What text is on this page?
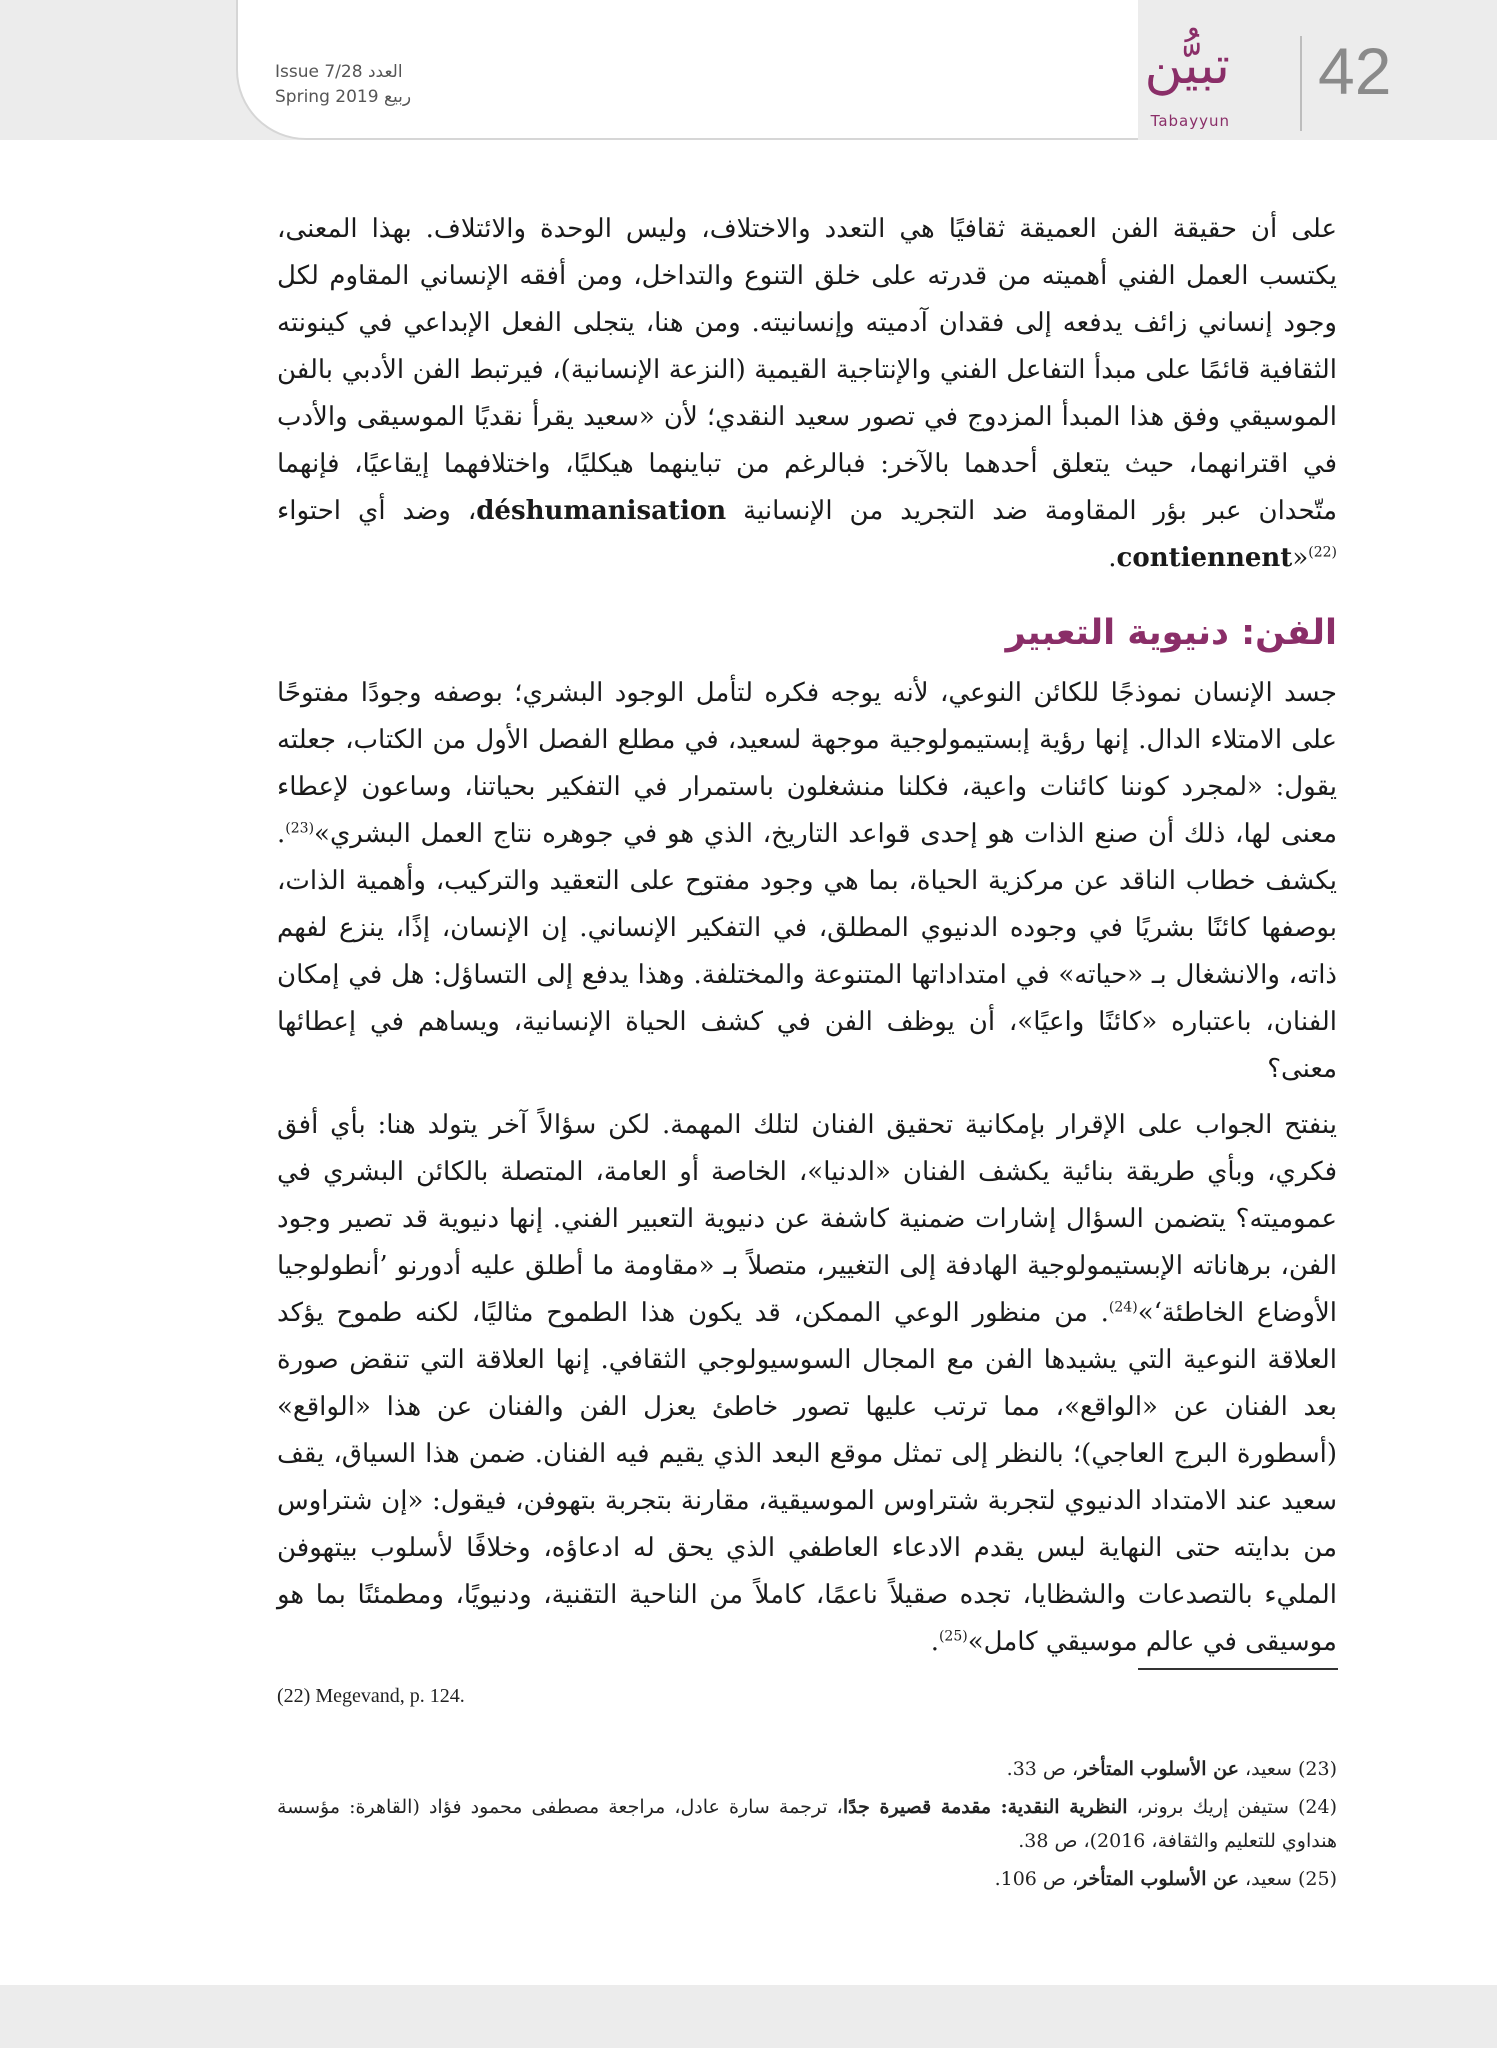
Issue 7/28 العدد
Spring 2019 ربيع
تبيُّن
Tabayyun
42

على أن حقيقة الفن العميقة ثقافيًا هي التعدد والاختلاف، وليس الوحدة والائتلاف. بهذا المعنى، يكتسب العمل الفني أهميته من قدرته على خلق التنوع والتداخل، ومن أفقه الإنساني المقاوم لكل وجود إنساني زائف يدفعه إلى فقدان آدميته وإنسانيته. ومن هنا، يتجلى الفعل الإبداعي في كينونته الثقافية قائمًا على مبدأ التفاعل الفني والإنتاجية القيمية (النزعة الإنسانية)، فيرتبط الفن الأدبي بالفن الموسيقي وفق هذا المبدأ المزدوج في تصور سعيد النقدي؛ لأن «سعيد يقرأ نقديًا الموسيقى والأدب في اقترانهما، حيث يتعلق أحدهما بالآخر: فبالرغم من تباينهما هيكليًا، واختلافهما إيقاعيًا، فإنهما متّحدان عبر بؤر المقاومة ضد التجريد من الإنسانية déshumanisation، وضد أي احتواء contiennent»$^{(22)}$.

الفن: دنيوية التعبير

جسد الإنسان نموذجًا للكائن النوعي، لأنه يوجه فكره لتأمل الوجود البشري؛ بوصفه وجودًا مفتوحًا على الامتلاء الدال. إنها رؤية إبستيمولوجية موجهة لسعيد، في مطلع الفصل الأول من الكتاب، جعلته يقول: «لمجرد كوننا كائنات واعية، فكلنا منشغلون باستمرار في التفكير بحياتنا، وساعون لإعطاء معنى لها، ذلك أن صنع الذات هو إحدى قواعد التاريخ، الذي هو في جوهره نتاج العمل البشري»$^{(23)}$. يكشف خطاب الناقد عن مركزية الحياة، بما هي وجود مفتوح على التعقيد والتركيب، وأهمية الذات، بوصفها كائنًا بشريًا في وجوده الدنيوي المطلق، في التفكير الإنساني. إن الإنسان، إذًا، ينزع لفهم ذاته، والانشغال بـ «حياته» في امتداداتها المتنوعة والمختلفة. وهذا يدفع إلى التساؤل: هل في إمكان الفنان، باعتباره «كائنًا واعيًا»، أن يوظف الفن في كشف الحياة الإنسانية، ويساهم في إعطائها معنى؟

ينفتح الجواب على الإقرار بإمكانية تحقيق الفنان لتلك المهمة. لكن سؤالاً آخر يتولد هنا: بأي أفق فكري، وبأي طريقة بنائية يكشف الفنان «الدنيا»، الخاصة أو العامة، المتصلة بالكائن البشري في عموميته؟ يتضمن السؤال إشارات ضمنية كاشفة عن دنيوية التعبير الفني. إنها دنيوية قد تصير وجود الفن، برهاناته الإبستيمولوجية الهادفة إلى التغيير، متصلاً بـ «مقاومة ما أطلق عليه أدورنو ’أنطولوجيا الأوضاع الخاطئة‘»$^{(24)}$. من منظور الوعي الممكن، قد يكون هذا الطموح مثاليًا، لكنه طموح يؤكد العلاقة النوعية التي يشيدها الفن مع المجال السوسيولوجي الثقافي. إنها العلاقة التي تنقض صورة بعد الفنان عن «الواقع»، مما ترتب عليها تصور خاطئ يعزل الفن والفنان عن هذا «الواقع» (أسطورة البرج العاجي)؛ بالنظر إلى تمثل موقع البعد الذي يقيم فيه الفنان. ضمن هذا السياق، يقف سعيد عند الامتداد الدنيوي لتجربة شتراوس الموسيقية، مقارنة بتجربة بتهوفن، فيقول: «إن شتراوس من بدايته حتى النهاية ليس يقدم الادعاء العاطفي الذي يحق له ادعاؤه، وخلافًا لأسلوب بيتهوفن المليء بالتصدعات والشظايا، تجده صقيلاً ناعمًا، كاملاً من الناحية التقنية، ودنيويًا، ومطمئنًا بما هو موسيقى في عالم موسيقي كامل»$^{(25)}$.

(22) Megevand, p. 124.

(23) سعيد، عن الأسلوب المتأخر، ص 33.

(24) ستيفن إريك برونر، النظرية النقدية: مقدمة قصيرة جدًا، ترجمة سارة عادل، مراجعة مصطفى محمود فؤاد (القاهرة: مؤسسة هنداوي للتعليم والثقافة، 2016)، ص 38.

(25) سعيد، عن الأسلوب المتأخر، ص 106.
